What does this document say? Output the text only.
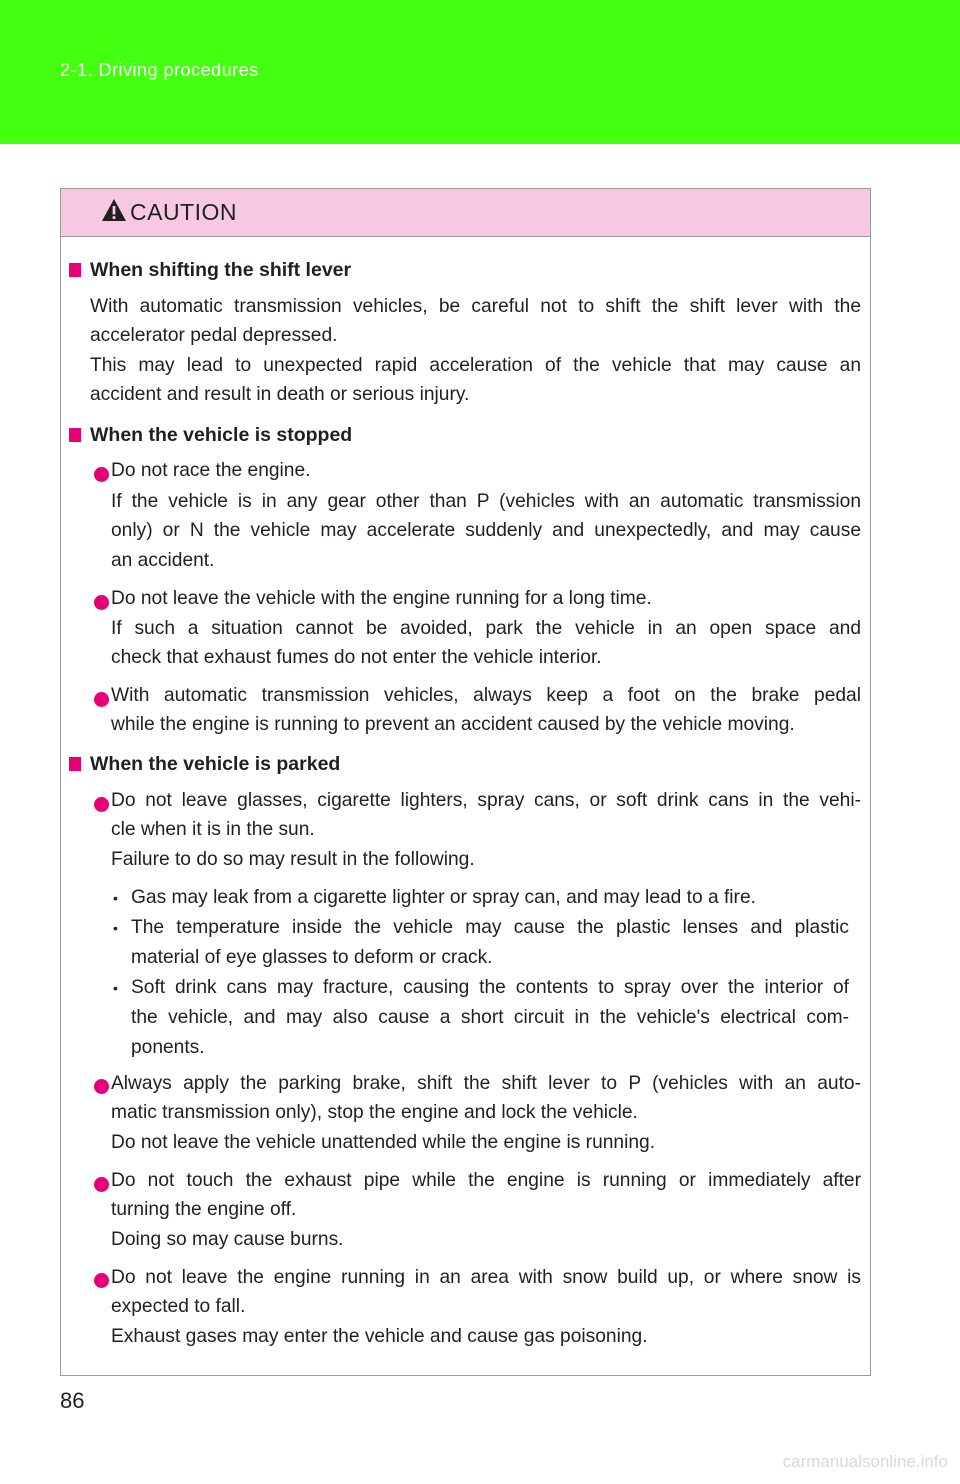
2-1. Driving procedures
CAUTION
When shifting the shift lever
With automatic transmission vehicles, be careful not to shift the shift lever with the
accelerator pedal depressed.
This may lead to unexpected rapid acceleration of the vehicle that may cause an
accident and result in death or serious injury.
When the vehicle is stopped
Do not race the engine.
If the vehicle is in any gear other than P (vehicles with an automatic transmission
only) or N the vehicle may accelerate suddenly and unexpectedly, and may cause
an accident.
Do not leave the vehicle with the engine running for a long time.
If such a situation cannot be avoided, park the vehicle in an open space and
check that exhaust fumes do not enter the vehicle interior.
With automatic transmission vehicles, always keep a foot on the brake pedal
while the engine is running to prevent an accident caused by the vehicle moving.
When the vehicle is parked
Do not leave glasses, cigarette lighters, spray cans, or soft drink cans in the vehi-
cle when it is in the sun.
Failure to do so may result in the following.
• Gas may leak from a cigarette lighter or spray can, and may lead to a fire.
• The temperature inside the vehicle may cause the plastic lenses and plastic
material of eye glasses to deform or crack.
• Soft drink cans may fracture, causing the contents to spray over the interior of
the vehicle, and may also cause a short circuit in the vehicle's electrical com-
ponents.
Always apply the parking brake, shift the shift lever to P (vehicles with an auto-
matic transmission only), stop the engine and lock the vehicle.
Do not leave the vehicle unattended while the engine is running.
Do not touch the exhaust pipe while the engine is running or immediately after
turning the engine off.
Doing so may cause burns.
Do not leave the engine running in an area with snow build up, or where snow is
expected to fall.
Exhaust gases may enter the vehicle and cause gas poisoning.
86
carmanualsonline.info
